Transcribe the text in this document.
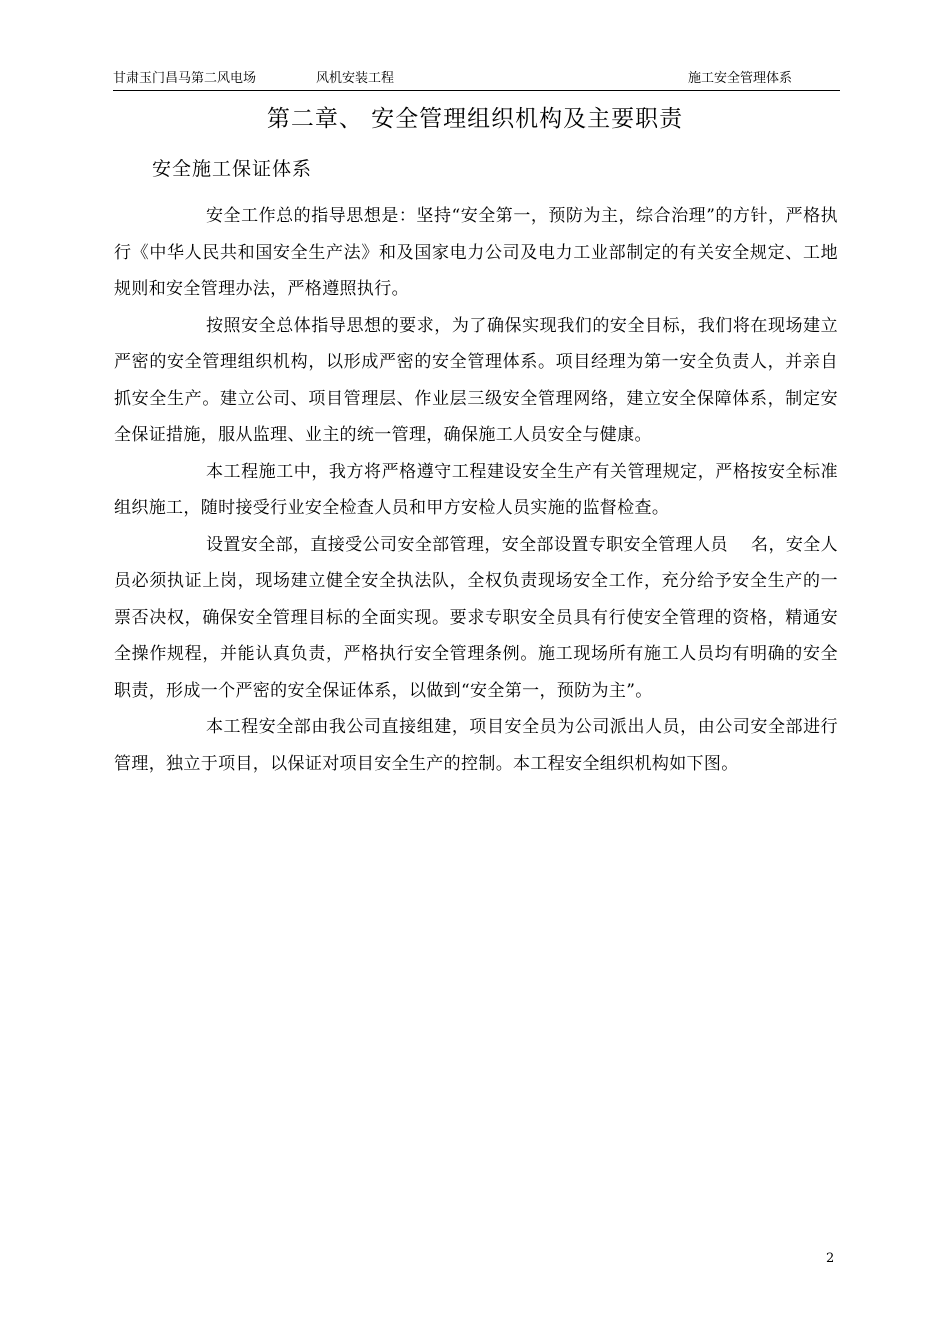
甘肃玉门昌马第二风电场	风机安装工程	施工安全管理体系
第二章、 安全管理组织机构及主要职责
安全施工保证体系

安全工作总的指导思想是：坚持“安全第一，预防为主，综合治理”的方针，严格执行《中华人民共和国安全生产法》和及国家电力公司及电力工业部制定的有关安全规定、工地规则和安全管理办法，严格遵照执行。

按照安全总体指导思想的要求，为了确保实现我们的安全目标，我们将在现场建立严密的安全管理组织机构，以形成严密的安全管理体系。项目经理为第一安全负责人，并亲自抓安全生产。建立公司、项目管理层、作业层三级安全管理网络，建立安全保障体系，制定安全保证措施，服从监理、业主的统一管理，确保施工人员安全与健康。

本工程施工中，我方将严格遵守工程建设安全生产有关管理规定，严格按安全标准组织施工，随时接受行业安全检查人员和甲方安检人员实施的监督检查。

设置安全部，直接受公司安全部管理，安全部设置专职安全管理人员　 名，安全人员必须执证上岗，现场建立健全安全执法队，全权负责现场安全工作，充分给予安全生产的一票否决权，确保安全管理目标的全面实现。要求专职安全员具有行使安全管理的资格，精通安全操作规程，并能认真负责，严格执行安全管理条例。施工现场所有施工人员均有明确的安全职责，形成一个严密的安全保证体系，以做到“安全第一，预防为主”。

本工程安全部由我公司直接组建，项目安全员为公司派出人员，由公司安全部进行管理，独立于项目，以保证对项目安全生产的控制。本工程安全组织机构如下图。

2
